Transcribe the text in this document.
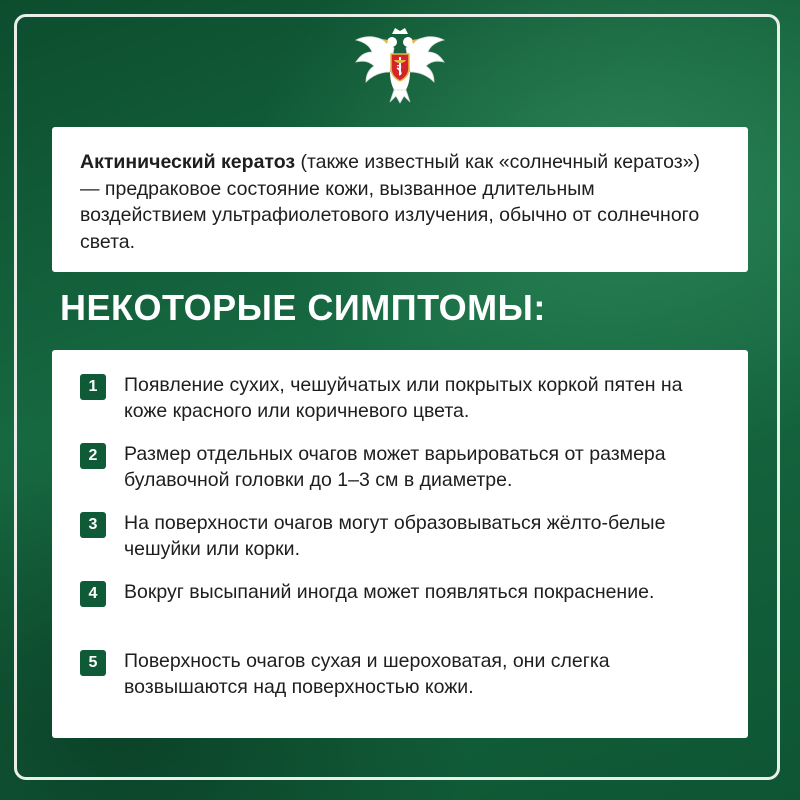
Актинический кератоз (также известный как «солнечный кератоз») — предраковое состояние кожи, вызванное длительным воздействием ультрафиолетового излучения, обычно от солнечного света.
НЕКОТОРЫЕ СИМПТОМЫ:
1	Появление сухих, чешуйчатых или покрытых коркой пятен на коже красного или коричневого цвета.
2	Размер отдельных очагов может варьироваться от размера булавочной головки до 1–3 см в диаметре.
3	На поверхности очагов могут образовываться жёлто-белые чешуйки или корки.
4	Вокруг высыпаний иногда может появляться покраснение.
5	Поверхность очагов сухая и шероховатая, они слегка возвышаются над поверхностью кожи.
